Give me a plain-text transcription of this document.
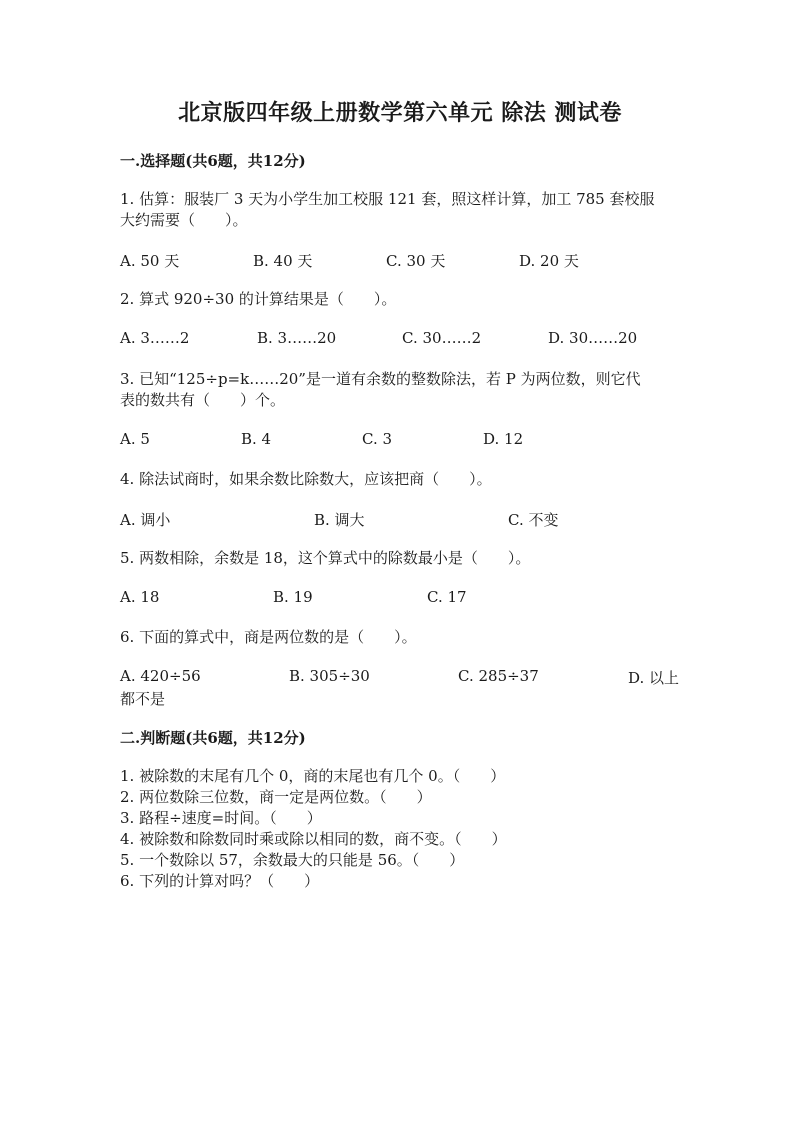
北京版四年级上册数学第六单元 除法 测试卷
一.选择题(共6题，共12分)
1. 估算：服装厂 3 天为小学生加工校服 121 套，照这样计算，加工 785 套校服
大约需要（　　）。
A. 50 天	B. 40 天	C. 30 天	D. 20 天
2. 算式 920÷30 的计算结果是（　　）。
A. 3……2	B. 3……20	C. 30……2	D. 30……20
3. 已知“125÷p=k……20”是一道有余数的整数除法，若 P 为两位数，则它代
表的数共有（　　）个。
A. 5	B. 4	C. 3	D. 12
4. 除法试商时，如果余数比除数大，应该把商（　　）。
A. 调小	B. 调大	C. 不变
5. 两数相除，余数是 18，这个算式中的除数最小是（　　）。
A. 18	B. 19	C. 17
6. 下面的算式中，商是两位数的是（　　）。
A. 420÷56	B. 305÷30	C. 285÷37	D. 以上
都不是
二.判断题(共6题，共12分)
1. 被除数的末尾有几个 0，商的末尾也有几个 0。（　　）
2. 两位数除三位数，商一定是两位数。（　　）
3. 路程÷速度=时间。（　　）
4. 被除数和除数同时乘或除以相同的数，商不变。（　　）
5. 一个数除以 57，余数最大的只能是 56。（　　）
6. 下列的计算对吗？（　　）
